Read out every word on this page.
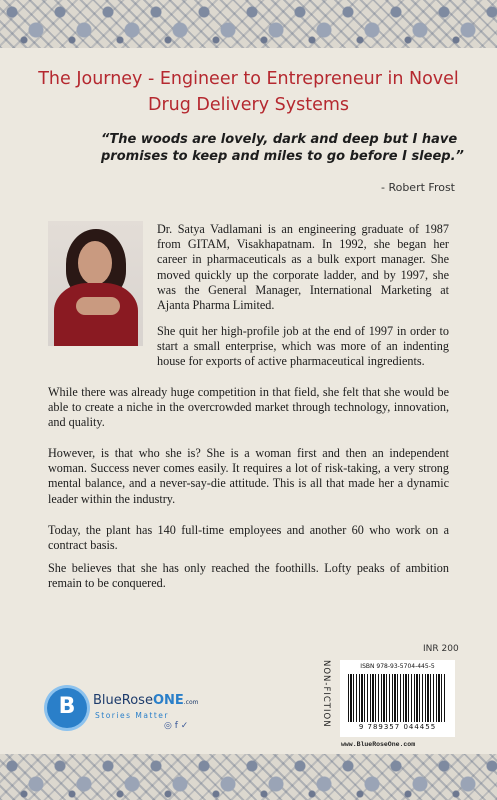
The Journey - Engineer to Entrepreneur in Novel Drug Delivery Systems
“The woods are lovely, dark and deep but I have promises to keep and miles to go before I sleep.”
- Robert Frost

Dr. Satya Vadlamani is an engineering graduate of 1987 from GITAM, Visakhapatnam. In 1992, she began her career in pharmaceuticals as a bulk export manager. She moved quickly up the corporate ladder, and by 1997, she was the General Manager, International Marketing at Ajanta Pharma Limited.

She quit her high-profile job at the end of 1997 in order to start a small enterprise, which was more of an indenting house for exports of active pharmaceutical ingredients.

While there was already huge competition in that field, she felt that she would be able to create a niche in the overcrowded market through technology, innovation, and quality.

However, is that who she is? She is a woman first and then an independent woman. Success never comes easily. It requires a lot of risk-taking, a very strong mental balance, and a never-say-die attitude. This is all that made her a dynamic leader within the industry.

Today, the plant has 140 full-time employees and another 60 who work on a contract basis.

She believes that she has only reached the foothills. Lofty peaks of ambition remain to be conquered.

B	BlueRoseONE.com
Stories Matter
◎ f ✓
INR 200
NON-FICTION	ISBN 978-93-5704-445-5
9 789357 044455
www.BlueRoseOne.com
